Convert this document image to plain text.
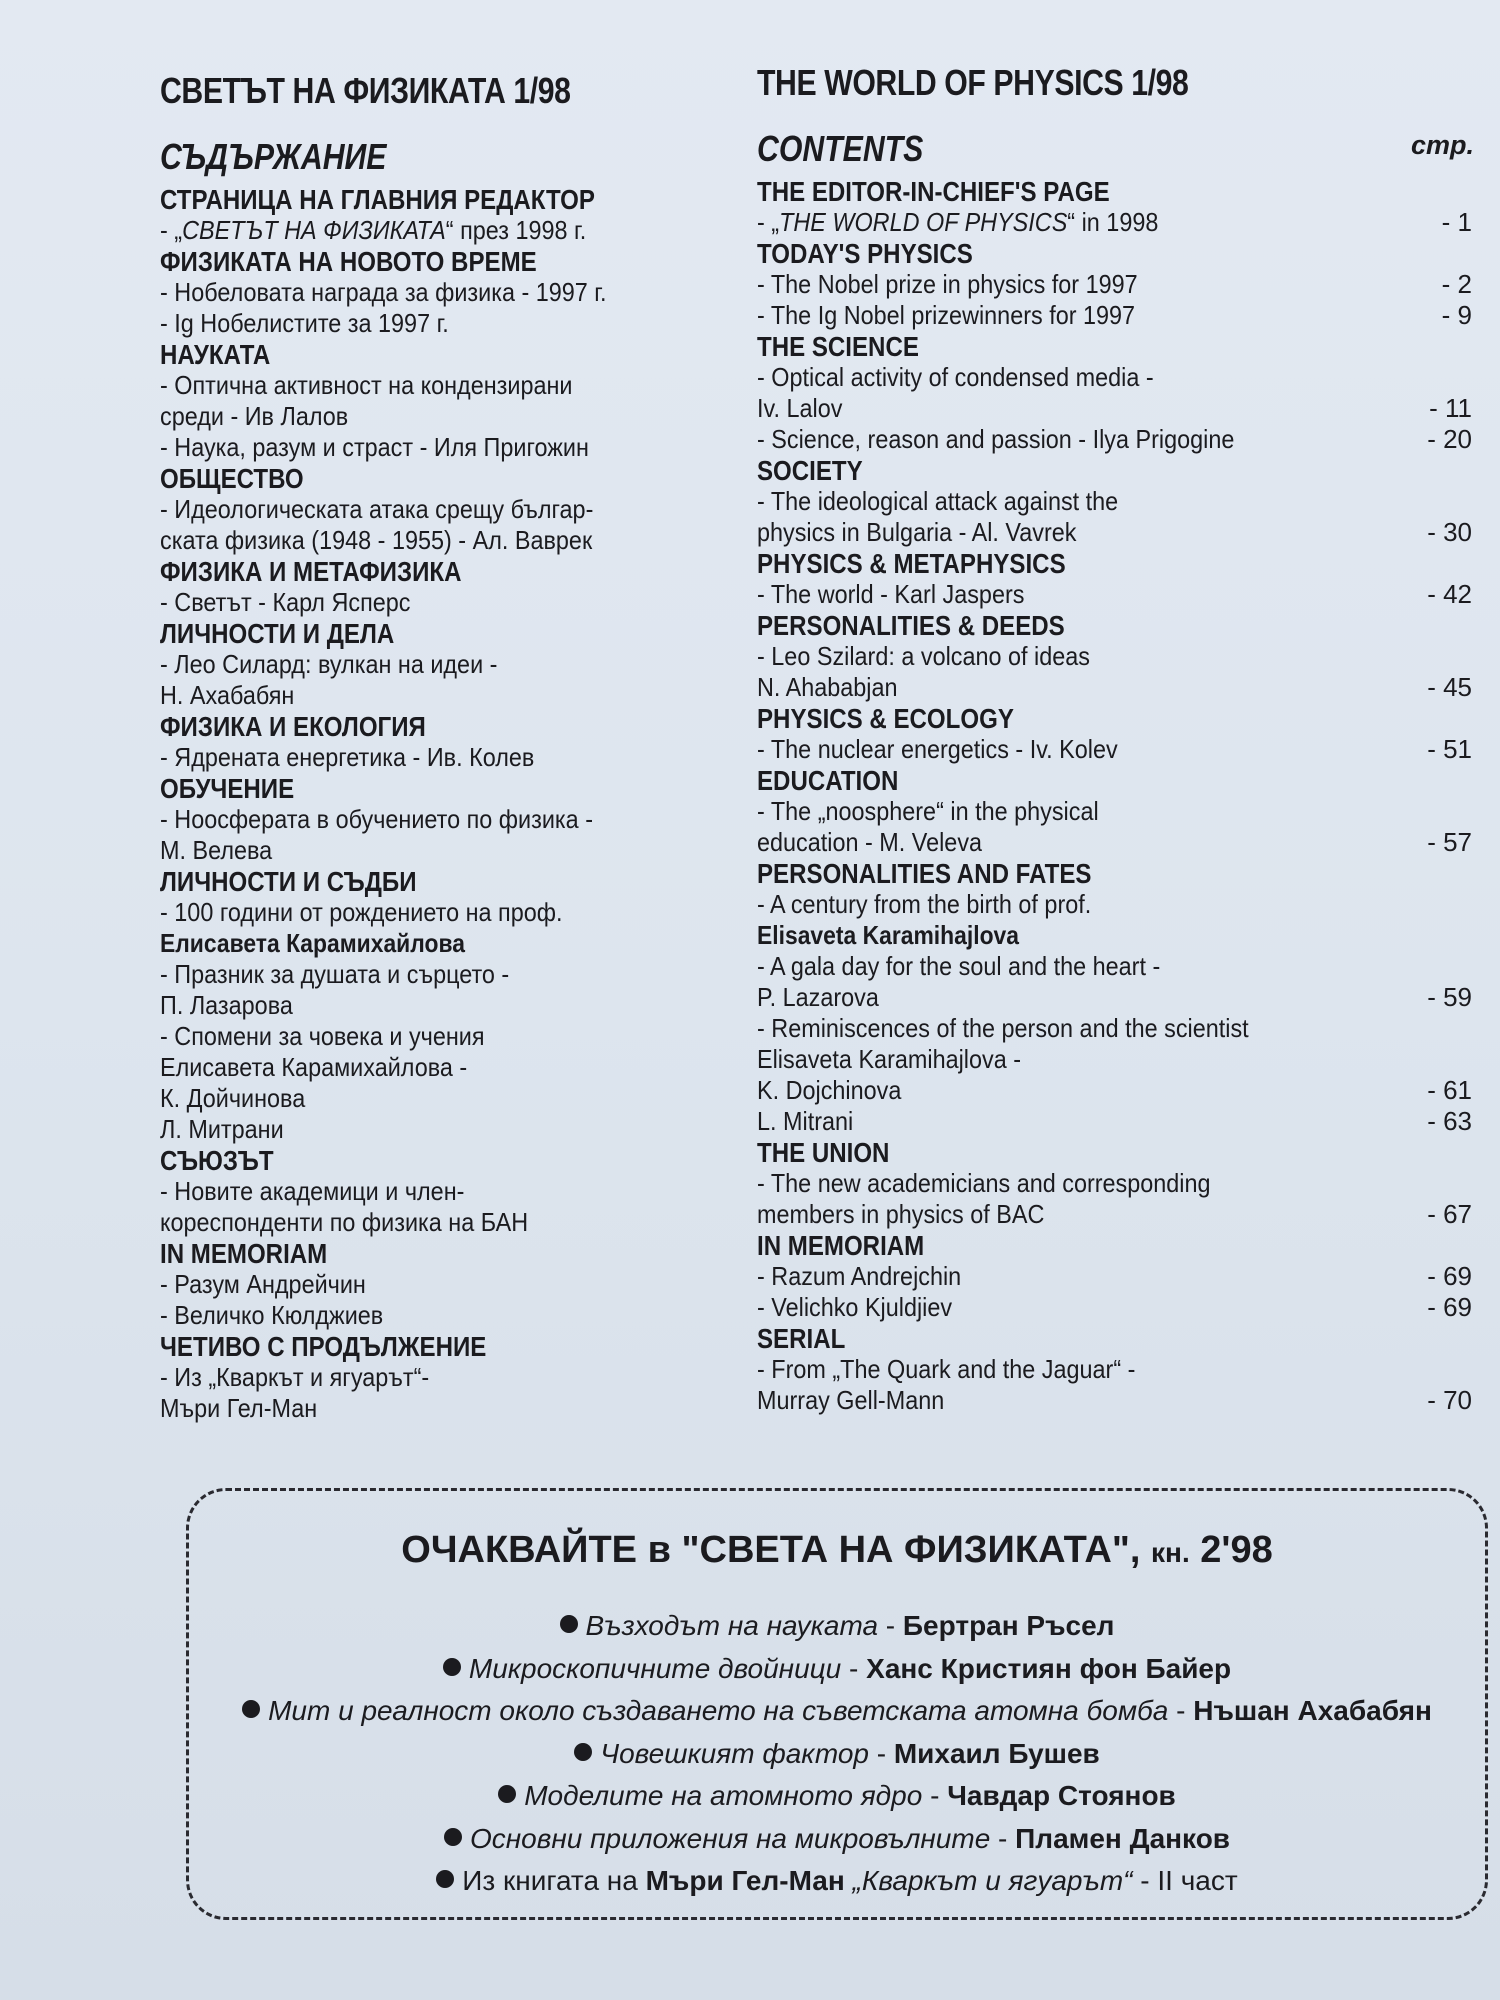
СВЕТЪТ НА ФИЗИКАТА 1/98
СЪДЪРЖАНИЕ
СТРАНИЦА НА ГЛАВНИЯ РЕДАКТОР
- „СВЕТЪТ НА ФИЗИКАТА“ през 1998 г.
ФИЗИКАТА НА НОВОТО ВРЕМЕ
- Нобеловата награда за физика - 1997 г.
- Ig Нобелистите за 1997 г.
НАУКАТА
- Оптична активност на кондензирани
среди - Ив Лалов
- Наука, разум и страст - Иля Пригожин
ОБЩЕСТВО
- Идеологическата атака срещу българ-
ската физика (1948 - 1955) - Ал. Ваврек
ФИЗИКА И МЕТАФИЗИКА
- Светът - Карл Ясперс
ЛИЧНОСТИ И ДЕЛА
- Лео Силард: вулкан на идеи -
Н. Ахабабян
ФИЗИКА И ЕКОЛОГИЯ
- Ядрената енергетика - Ив. Колев
ОБУЧЕНИЕ
- Ноосферата в обучението по физика -
М. Велева
ЛИЧНОСТИ И СЪДБИ
- 100 години от рождението на проф.
Елисавета Карамихайлова
- Празник за душата и сърцето -
П. Лазарова
- Спомени за човека и учения
Елисавета Карамихайлова -
К. Дойчинова
Л. Митрани
СЪЮЗЪТ
- Новите академици и член-
кореспонденти по физика на БАН
IN MEMORIAM
- Разум Андрейчин
- Величко Кюлджиев
ЧЕТИВО С ПРОДЪЛЖЕНИЕ
- Из „Кваркът и ягуарът“-
Мъри Гел-Ман
THE WORLD OF PHYSICS 1/98
CONTENTS	стр.
THE EDITOR-IN-CHIEF'S PAGE
- „THE WORLD OF PHYSICS“ in 1998	- 1
TODAY'S PHYSICS
- The Nobel prize in physics for 1997	- 2
- The Ig Nobel prizewinners for 1997	- 9
THE SCIENCE
- Optical activity of condensed media -
Iv. Lalov	- 11
- Science, reason and passion - Ilya Prigogine	- 20
SOCIETY
- The ideological attack against the
physics in Bulgaria - Al. Vavrek	- 30
PHYSICS & METAPHYSICS
- The world - Karl Jaspers	- 42
PERSONALITIES & DEEDS
- Leo Szilard: a volcano of ideas
N. Ahababjan	- 45
PHYSICS & ECOLOGY
- The nuclear energetics - Iv. Kolev	- 51
EDUCATION
- The „noosphere“ in the physical
education - M. Veleva	- 57
PERSONALITIES AND FATES
- A century from the birth of prof.
Elisaveta Karamihajlova
- A gala day for the soul and the heart -
P. Lazarova	- 59
- Reminiscences of the person and the scientist
Elisaveta Karamihajlova -
K. Dojchinova	- 61
L. Mitrani	- 63
THE UNION
- The new academicians and corresponding
members in physics of BAC	- 67
IN MEMORIAM
- Razum Andrejchin	- 69
- Velichko Kjuldjiev	- 69
SERIAL
- From „The Quark and the Jaguar“ -
Murray Gell-Mann	- 70
ОЧАКВАЙТЕ в "СВЕТА НА ФИЗИКАТА", кн. 2'98
Възходът на науката - Бертран Ръсел
Микроскопичните двойници - Ханс Кристиян фон Байер
Мит и реалност около създаването на съветската атомна бомба - Нъшан Ахабабян
Човешкият фактор - Михаил Бушев
Моделите на атомното ядро - Чавдар Стоянов
Основни приложения на микровълните - Пламен Данков
Из книгата на Мъри Гел-Ман „Кваркът и ягуарът“ - II част
